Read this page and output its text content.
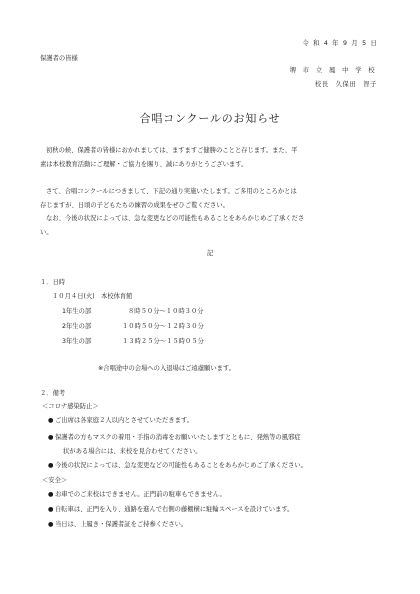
令 和 4 年 9 月 5 日
保護者の皆様
堺 市 立 鳳 中 学 校
校長　久保田　智子
合唱コンクールのお知らせ
初秋の候、保護者の皆様におかれましては、ますますご健勝のことと存じます。また、平
素は本校教育活動にご理解・ご協力を賜り、誠にありがとうございます。
さて、合唱コンクールにつきまして、下記の通り実施いたします。ご多用のところかとは
存じますが、日頃の子どもたちの練習の成果をぜひご覧ください。
なお、今後の状況によっては、急な変更などの可能性もあることをあらかじめご了承くださ
い。
記
１．日時
１０月４日(火)　本校体育館
1年生の部	８時５０分～１０時３０分
2年生の部	１０時５０分～１２時３０分
3年生の部	１３時２５分～１５時０５分
※合唱途中の会場への入退場はご遠慮願います。
２．備考
＜コロナ感染防止＞
● ご出席は各家庭２人以内とさせていただきます。
● 保護者の方もマスクの着用・手指の消毒をお願いいたしますとともに、発熱等の風邪症
状がある場合には、来校を見合わせてください。
● 今後の状況によっては、急な変更などの可能性もあることをあらかじめご了承ください。
＜安全＞
● お車でのご来校はできません。正門前の駐車もできません。
● 自転車は、正門を入り、通路を進んで右側の藤棚横に駐輪スペースを設けています。
● 当日は、上履き・保護者証をご持参ください。
